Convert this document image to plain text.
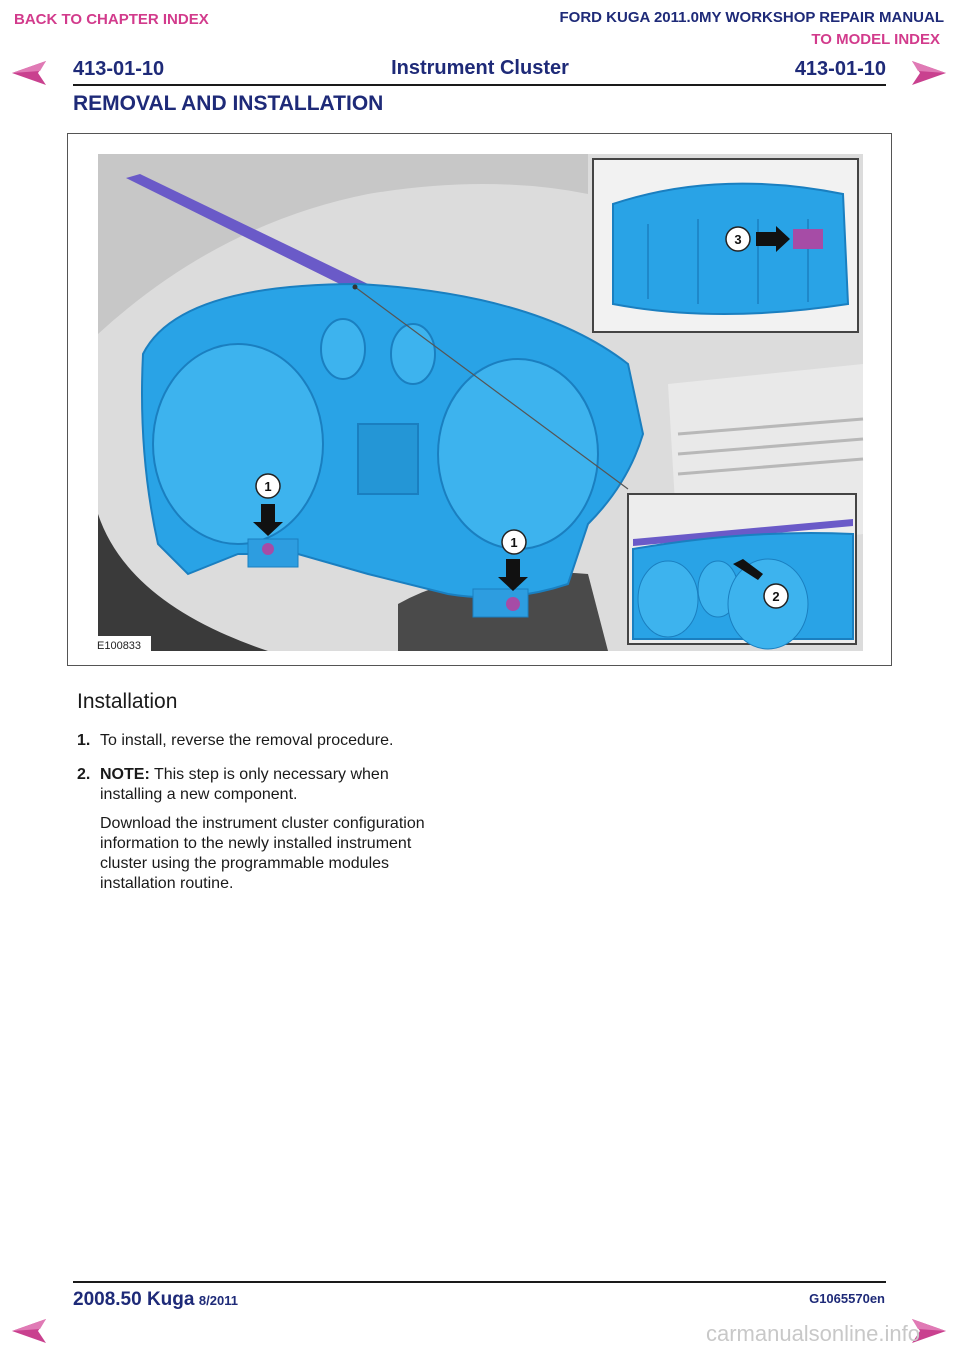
BACK TO CHAPTER INDEX	FORD KUGA 2011.0MY WORKSHOP REPAIR MANUAL
TO MODEL INDEX
413-01-10	Instrument Cluster	413-01-10
REMOVAL AND INSTALLATION
1
1
2
3
E100833
Installation
1. To install, reverse the removal procedure.
2. NOTE: This step is only necessary when
installing a new component.
Download the instrument cluster configuration
information to the newly installed instrument
cluster using the programmable modules
installation routine.
2008.50 Kuga 8/2011	G1065570en
carmanualsonline.info
